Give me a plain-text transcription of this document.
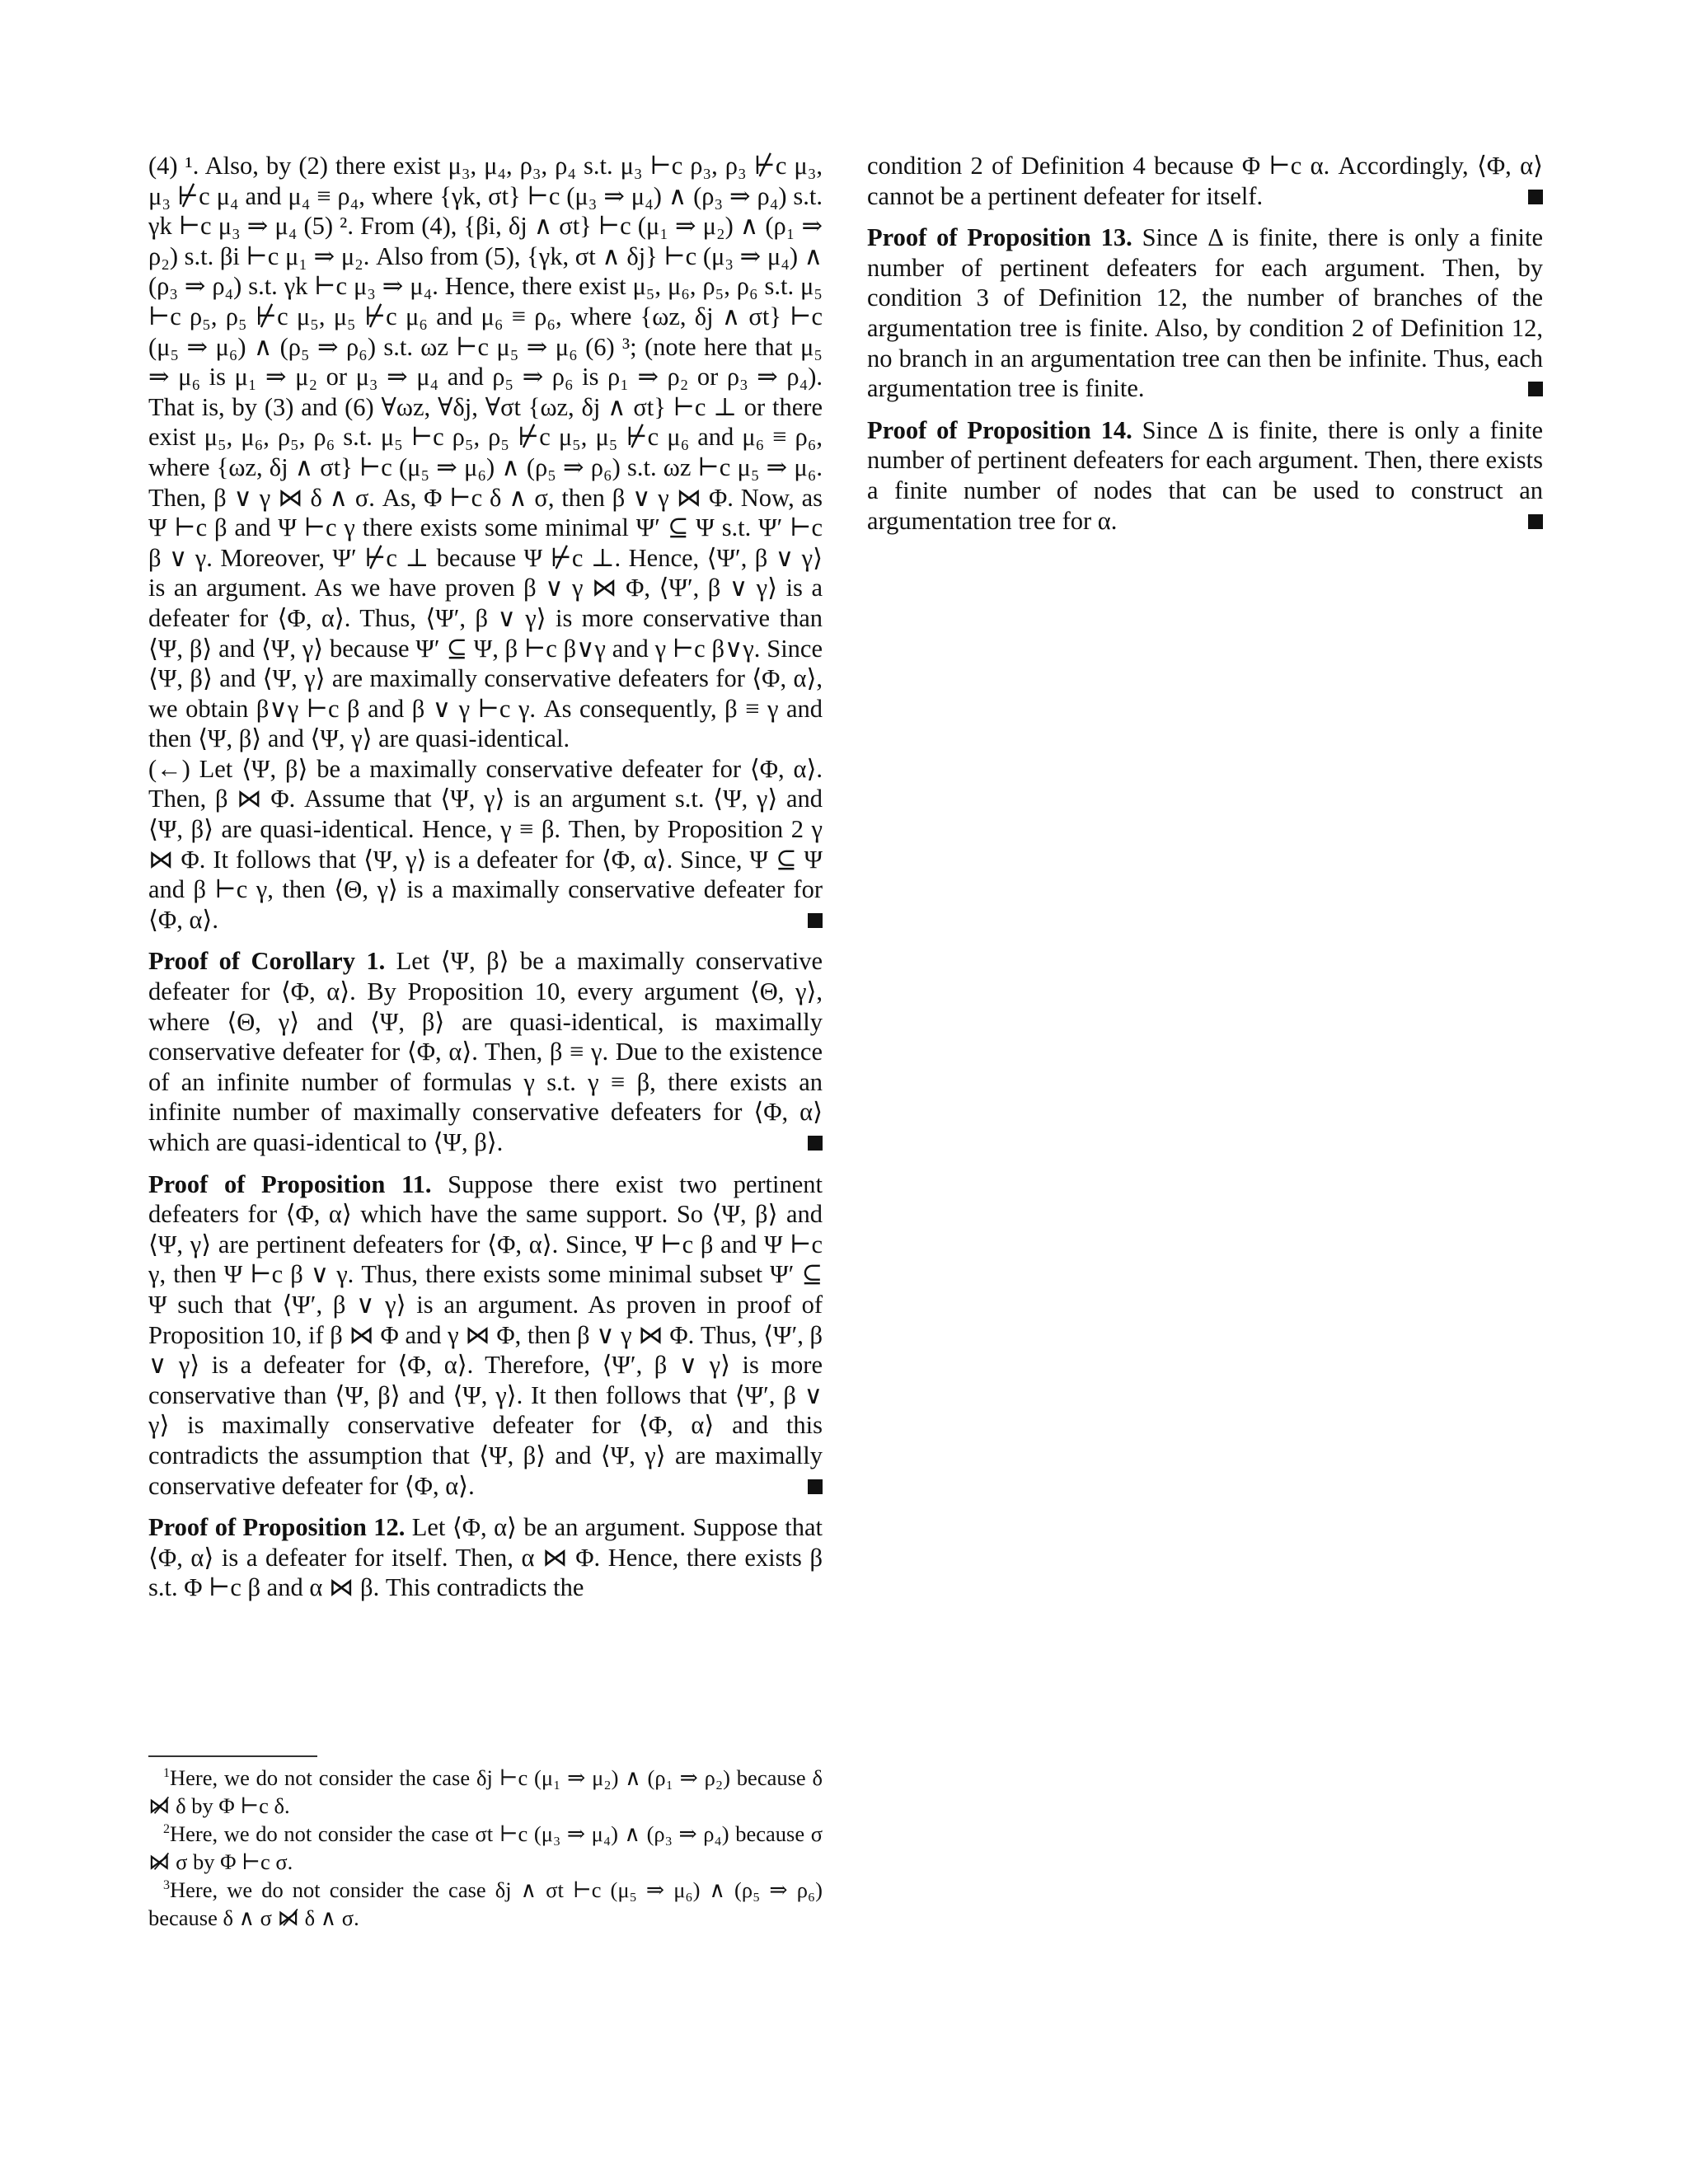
(4) ¹. Also, by (2) there exist μ₃, μ₄, ρ₃, ρ₄ s.t. μ₃ ⊢c ρ₃, ρ₃ ⊬c μ₃, μ₃ ⊬c μ₄ and μ₄ ≡ ρ₄, where {γk, σt} ⊢c (μ₃ ⇒ μ₄) ∧ (ρ₃ ⇒ ρ₄) s.t. γk ⊢c μ₃ ⇒ μ₄ (5) ². From (4), {βi, δj ∧ σt} ⊢c (μ₁ ⇒ μ₂) ∧ (ρ₁ ⇒ ρ₂) s.t. βi ⊢c μ₁ ⇒ μ₂. Also from (5), {γk, σt ∧ δj} ⊢c (μ₃ ⇒ μ₄) ∧ (ρ₃ ⇒ ρ₄) s.t. γk ⊢c μ₃ ⇒ μ₄. Hence, there exist μ₅, μ₆, ρ₅, ρ₆ s.t. μ₅ ⊢c ρ₅, ρ₅ ⊬c μ₅, μ₅ ⊬c μ₆ and μ₆ ≡ ρ₆, where {ωz, δj ∧ σt} ⊢c (μ₅ ⇒ μ₆) ∧ (ρ₅ ⇒ ρ₆) s.t. ωz ⊢c μ₅ ⇒ μ₆ (6) ³; (note here that μ₅ ⇒ μ₆ is μ₁ ⇒ μ₂ or μ₃ ⇒ μ₄ and ρ₅ ⇒ ρ₆ is ρ₁ ⇒ ρ₂ or ρ₃ ⇒ ρ₄). That is, by (3) and (6) ∀ωz, ∀δj, ∀σt {ωz, δj ∧ σt} ⊢c ⊥ or there exist μ₅, μ₆, ρ₅, ρ₆ s.t. μ₅ ⊢c ρ₅, ρ₅ ⊬c μ₅, μ₅ ⊬c μ₆ and μ₆ ≡ ρ₆, where {ωz, δj ∧ σt} ⊢c (μ₅ ⇒ μ₆) ∧ (ρ₅ ⇒ ρ₆) s.t. ωz ⊢c μ₅ ⇒ μ₆. Then, β ∨ γ ⋈ δ ∧ σ. As, Φ ⊢c δ ∧ σ, then β ∨ γ ⋈ Φ. Now, as Ψ ⊢c β and Ψ ⊢c γ there exists some minimal Ψ′ ⊆ Ψ s.t. Ψ′ ⊢c β ∨ γ. Moreover, Ψ′ ⊬c ⊥ because Ψ ⊬c ⊥. Hence, ⟨Ψ′, β ∨ γ⟩ is an argument. As we have proven β ∨ γ ⋈ Φ, ⟨Ψ′, β ∨ γ⟩ is a defeater for ⟨Φ, α⟩. Thus, ⟨Ψ′, β ∨ γ⟩ is more conservative than ⟨Ψ, β⟩ and ⟨Ψ, γ⟩ because Ψ′ ⊆ Ψ, β ⊢c β∨γ and γ ⊢c β∨γ. Since ⟨Ψ, β⟩ and ⟨Ψ, γ⟩ are maximally conservative defeaters for ⟨Φ, α⟩, we obtain β∨γ ⊢c β and β ∨ γ ⊢c γ. As consequently, β ≡ γ and then ⟨Ψ, β⟩ and ⟨Ψ, γ⟩ are quasi-identical.

(←) Let ⟨Ψ, β⟩ be a maximally conservative defeater for ⟨Φ, α⟩. Then, β ⋈ Φ. Assume that ⟨Ψ, γ⟩ is an argument s.t. ⟨Ψ, γ⟩ and ⟨Ψ, β⟩ are quasi-identical. Hence, γ ≡ β. Then, by Proposition 2 γ ⋈ Φ. It follows that ⟨Ψ, γ⟩ is a defeater for ⟨Φ, α⟩. Since, Ψ ⊆ Ψ and β ⊢c γ, then ⟨Θ, γ⟩ is a maximally conservative defeater for ⟨Φ, α⟩.

Proof of Corollary 1. Let ⟨Ψ, β⟩ be a maximally conservative defeater for ⟨Φ, α⟩. By Proposition 10, every argument ⟨Θ, γ⟩, where ⟨Θ, γ⟩ and ⟨Ψ, β⟩ are quasi-identical, is maximally conservative defeater for ⟨Φ, α⟩. Then, β ≡ γ. Due to the existence of an infinite number of formulas γ s.t. γ ≡ β, there exists an infinite number of maximally conservative defeaters for ⟨Φ, α⟩ which are quasi-identical to ⟨Ψ, β⟩.

Proof of Proposition 11. Suppose there exist two pertinent defeaters for ⟨Φ, α⟩ which have the same support. So ⟨Ψ, β⟩ and ⟨Ψ, γ⟩ are pertinent defeaters for ⟨Φ, α⟩. Since, Ψ ⊢c β and Ψ ⊢c γ, then Ψ ⊢c β ∨ γ. Thus, there exists some minimal subset Ψ′ ⊆ Ψ such that ⟨Ψ′, β ∨ γ⟩ is an argument. As proven in proof of Proposition 10, if β ⋈ Φ and γ ⋈ Φ, then β ∨ γ ⋈ Φ. Thus, ⟨Ψ′, β ∨ γ⟩ is a defeater for ⟨Φ, α⟩. Therefore, ⟨Ψ′, β ∨ γ⟩ is more conservative than ⟨Ψ, β⟩ and ⟨Ψ, γ⟩. It then follows that ⟨Ψ′, β ∨ γ⟩ is maximally conservative defeater for ⟨Φ, α⟩ and this contradicts the assumption that ⟨Ψ, β⟩ and ⟨Ψ, γ⟩ are maximally conservative defeater for ⟨Φ, α⟩.

Proof of Proposition 12. Let ⟨Φ, α⟩ be an argument. Suppose that ⟨Φ, α⟩ is a defeater for itself. Then, α ⋈ Φ. Hence, there exists β s.t. Φ ⊢c β and α ⋈ β. This contradicts the

condition 2 of Definition 4 because Φ ⊢c α. Accordingly, ⟨Φ, α⟩ cannot be a pertinent defeater for itself.

Proof of Proposition 13. Since Δ is finite, there is only a finite number of pertinent defeaters for each argument. Then, by condition 3 of Definition 12, the number of branches of the argumentation tree is finite. Also, by condition 2 of Definition 12, no branch in an argumentation tree can then be infinite. Thus, each argumentation tree is finite.

Proof of Proposition 14. Since Δ is finite, there is only a finite number of pertinent defeaters for each argument. Then, there exists a finite number of nodes that can be used to construct an argumentation tree for α.

$^1$Here, we do not consider the case δj ⊢c (μ₁ ⇒ μ₂) ∧ (ρ₁ ⇒ ρ₂) because δ ⋈̸ δ by Φ ⊢c δ.

$^2$Here, we do not consider the case σt ⊢c (μ₃ ⇒ μ₄) ∧ (ρ₃ ⇒ ρ₄) because σ ⋈̸ σ by Φ ⊢c σ.

$^3$Here, we do not consider the case δj ∧ σt ⊢c (μ₅ ⇒ μ₆) ∧ (ρ₅ ⇒ ρ₆) because δ ∧ σ ⋈̸ δ ∧ σ.
